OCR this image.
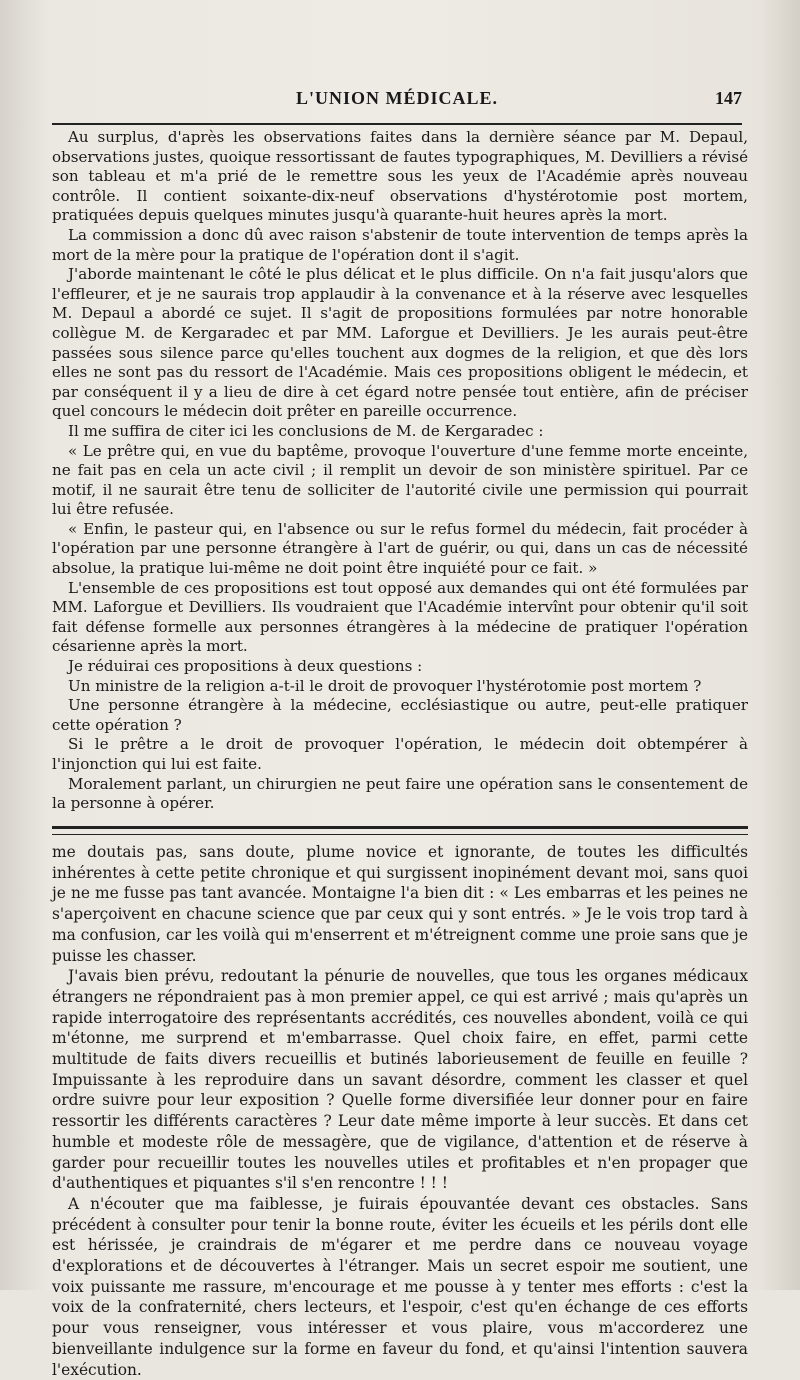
L'UNION MÉDICALE.	147

Au surplus, d'après les observations faites dans la dernière séance par M. Depaul, observations justes, quoique ressortissant de fautes typographiques, M. Devilliers a révisé son tableau et m'a prié de le remettre sous les yeux de l'Académie après nouveau contrôle. Il contient soixante-dix-neuf observations d'hystérotomie post mortem, pratiquées depuis quelques minutes jusqu'à quarante-huit heures après la mort.

La commission a donc dû avec raison s'abstenir de toute intervention de temps après la mort de la mère pour la pratique de l'opération dont il s'agit.

J'aborde maintenant le côté le plus délicat et le plus difficile. On n'a fait jusqu'alors que l'effleurer, et je ne saurais trop applaudir à la convenance et à la réserve avec lesquelles M. Depaul a abordé ce sujet. Il s'agit de propositions formulées par notre honorable collègue M. de Kergaradec et par MM. Laforgue et Devilliers. Je les aurais peut-être passées sous silence parce qu'elles touchent aux dogmes de la religion, et que dès lors elles ne sont pas du ressort de l'Académie. Mais ces propositions obligent le médecin, et par conséquent il y a lieu de dire à cet égard notre pensée tout entière, afin de préciser quel concours le médecin doit prêter en pareille occurrence.

Il me suffira de citer ici les conclusions de M. de Kergaradec :

« Le prêtre qui, en vue du baptême, provoque l'ouverture d'une femme morte enceinte, ne fait pas en cela un acte civil ; il remplit un devoir de son ministère spirituel. Par ce motif, il ne saurait être tenu de solliciter de l'autorité civile une permission qui pourrait lui être refusée.

« Enfin, le pasteur qui, en l'absence ou sur le refus formel du médecin, fait procéder à l'opération par une personne étrangère à l'art de guérir, ou qui, dans un cas de nécessité absolue, la pratique lui-même ne doit point être inquiété pour ce fait. »

L'ensemble de ces propositions est tout opposé aux demandes qui ont été formulées par MM. Laforgue et Devilliers. Ils voudraient que l'Académie intervînt pour obtenir qu'il soit fait défense formelle aux personnes étrangères à la médecine de pratiquer l'opération césarienne après la mort.

Je réduirai ces propositions à deux questions :

Un ministre de la religion a-t-il le droit de provoquer l'hystérotomie post mortem ?

Une personne étrangère à la médecine, ecclésiastique ou autre, peut-elle pratiquer cette opération ?

Si le prêtre a le droit de provoquer l'opération, le médecin doit obtempérer à l'injonction qui lui est faite.

Moralement parlant, un chirurgien ne peut faire une opération sans le consentement de la personne à opérer.

me doutais pas, sans doute, plume novice et ignorante, de toutes les difficultés inhérentes à cette petite chronique et qui surgissent inopinément devant moi, sans quoi je ne me fusse pas tant avancée. Montaigne l'a bien dit : « Les embarras et les peines ne s'aperçoivent en chacune science que par ceux qui y sont entrés. » Je le vois trop tard à ma confusion, car les voilà qui m'enserrent et m'étreignent comme une proie sans que je puisse les chasser.

J'avais bien prévu, redoutant la pénurie de nouvelles, que tous les organes médicaux étrangers ne répondraient pas à mon premier appel, ce qui est arrivé ; mais qu'après un rapide interrogatoire des représentants accrédités, ces nouvelles abondent, voilà ce qui m'étonne, me surprend et m'embarrasse. Quel choix faire, en effet, parmi cette multitude de faits divers recueillis et butinés laborieusement de feuille en feuille ? Impuissante à les reproduire dans un savant désordre, comment les classer et quel ordre suivre pour leur exposition ? Quelle forme diversifiée leur donner pour en faire ressortir les différents caractères ? Leur date même importe à leur succès. Et dans cet humble et modeste rôle de messagère, que de vigilance, d'attention et de réserve à garder pour recueillir toutes les nouvelles utiles et profitables et n'en propager que d'authentiques et piquantes s'il s'en rencontre ! ! !

A n'écouter que ma faiblesse, je fuirais épouvantée devant ces obstacles. Sans précédent à consulter pour tenir la bonne route, éviter les écueils et les périls dont elle est hérissée, je craindrais de m'égarer et me perdre dans ce nouveau voyage d'explorations et de découvertes à l'étranger. Mais un secret espoir me soutient, une voix puissante me rassure, m'encourage et me pousse à y tenter mes efforts : c'est la voix de la confraternité, chers lecteurs, et l'espoir, c'est qu'en échange de ces efforts pour vous renseigner, vous intéresser et vous plaire, vous m'accorderez une bienveillante indulgence sur la forme en faveur du fond, et qu'ainsi l'intention sauvera l'exécution.
